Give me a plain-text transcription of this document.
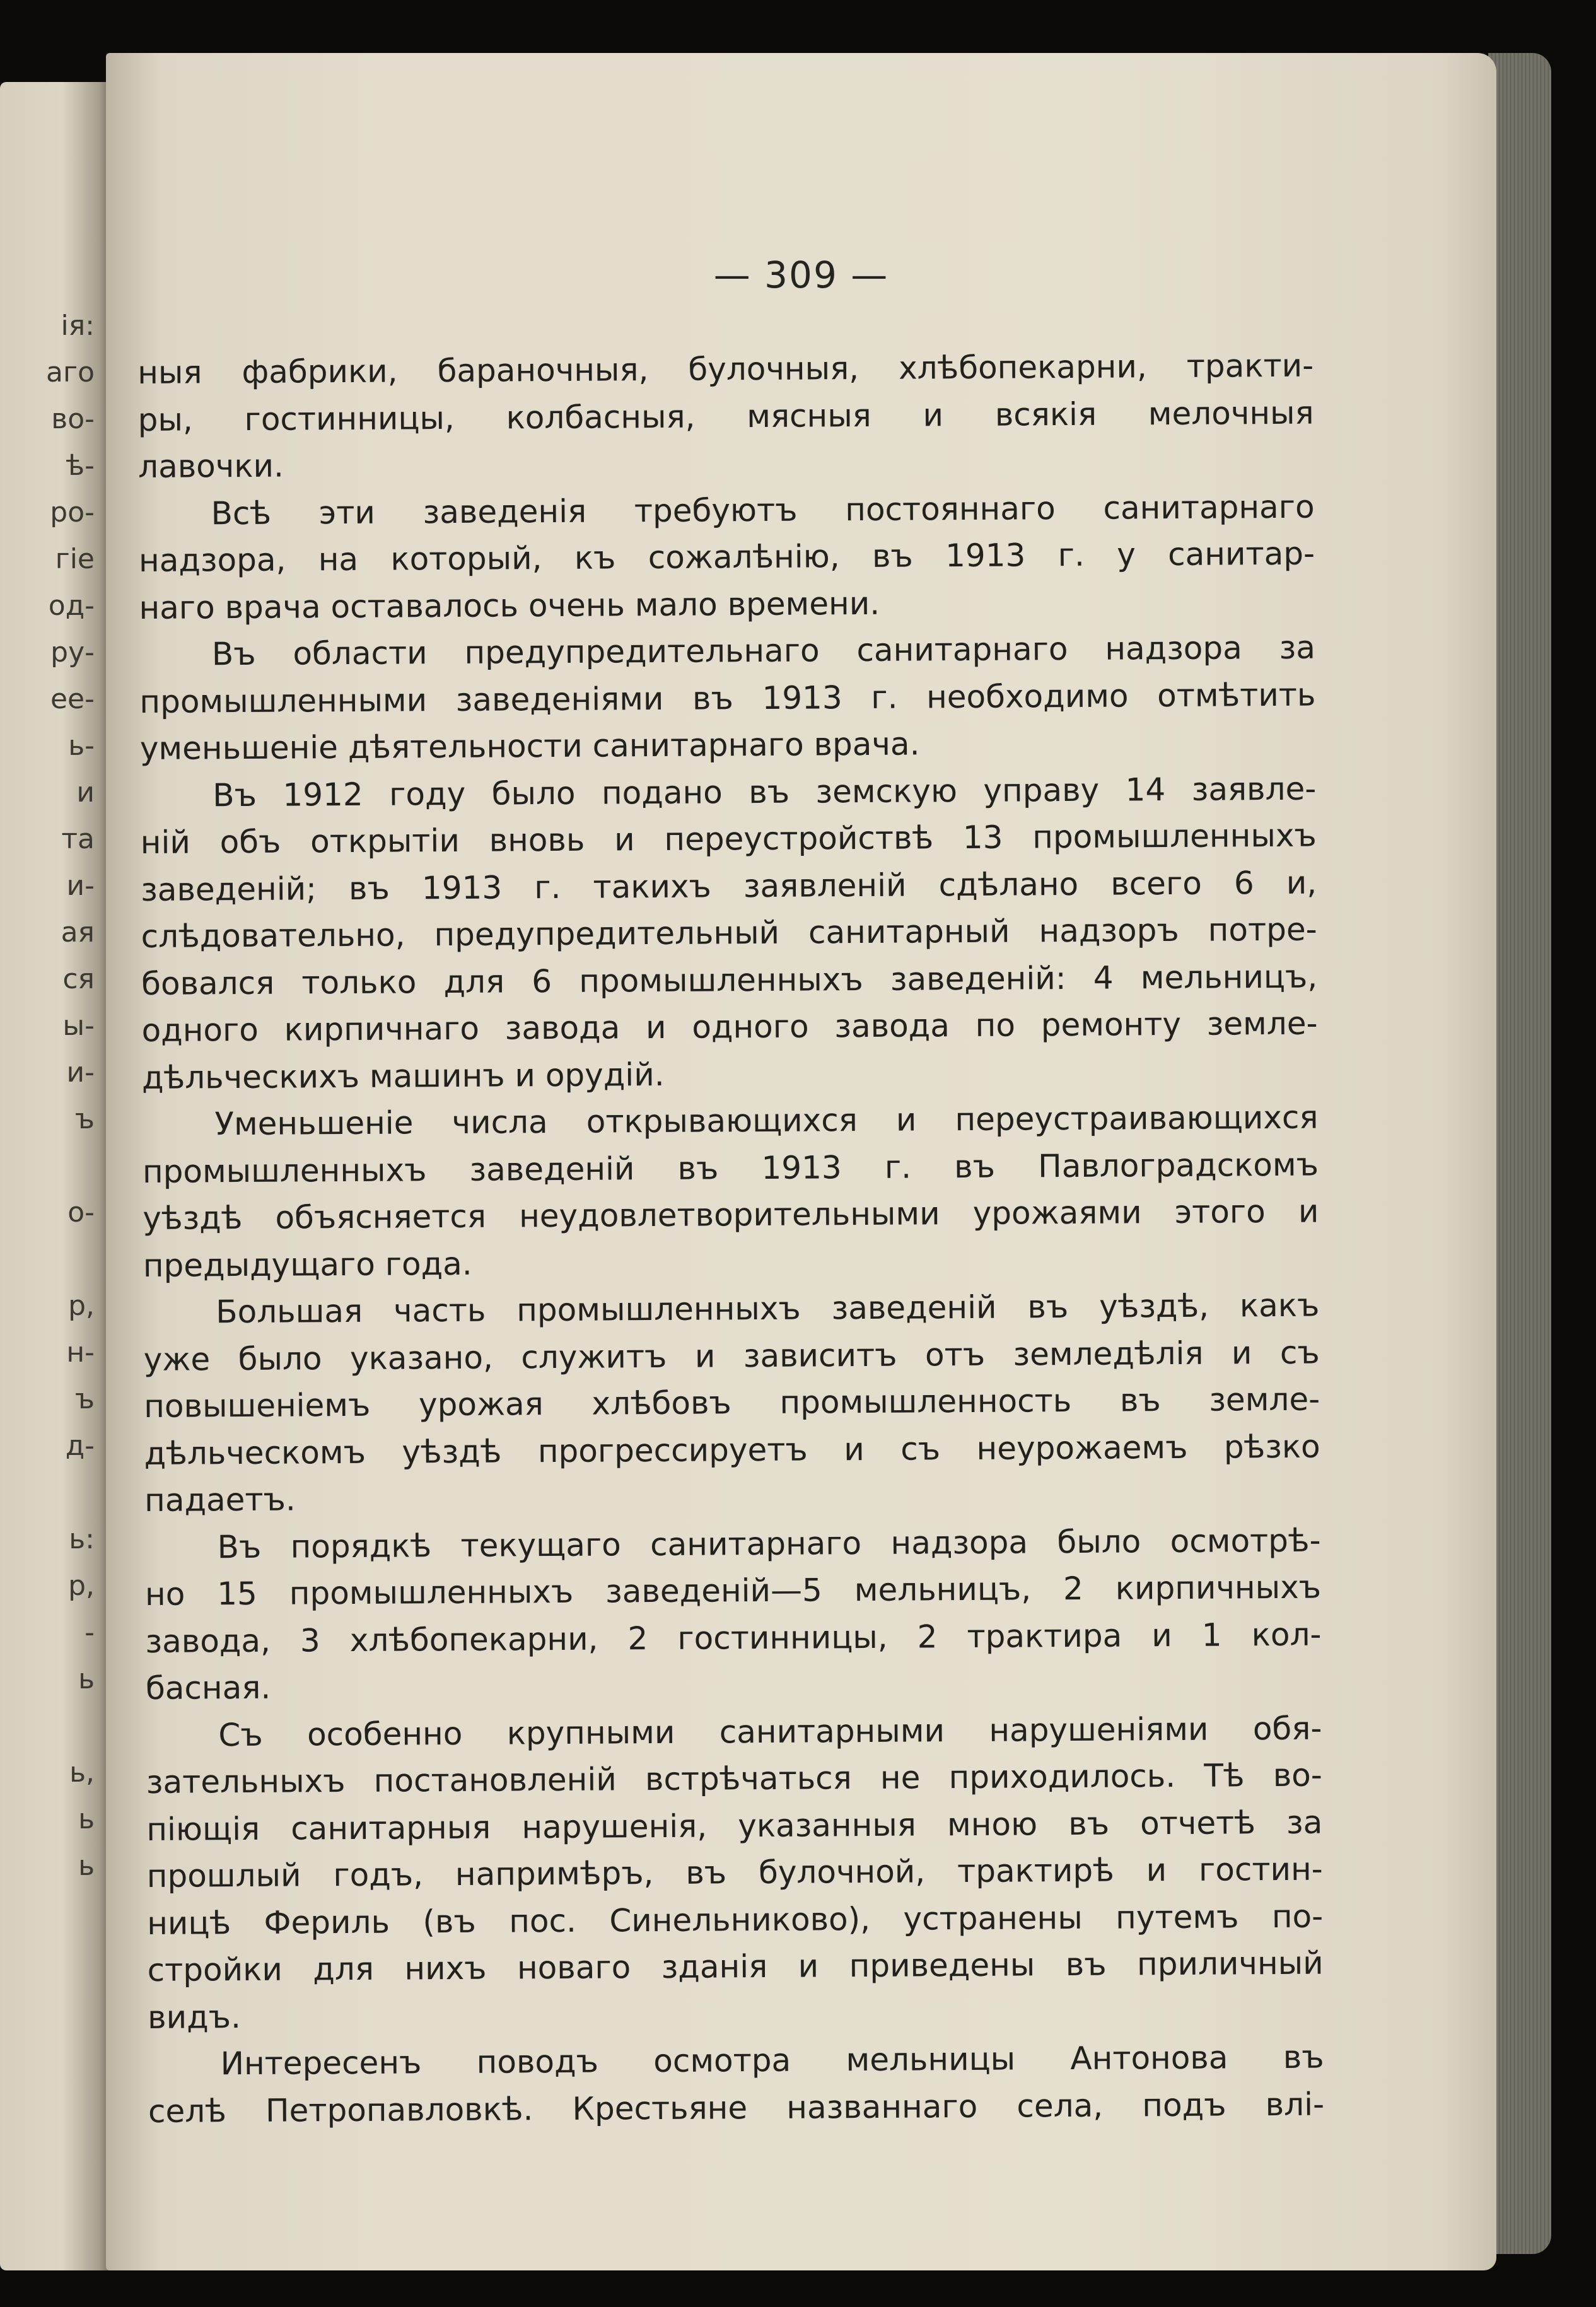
ія:
аго
во-
ѣ-
ро-
гіе
од-
ру-
ее-
ь-
и
та
и-
ая
ся
ы-
и-
ъ
о-
р,
н-
ъ
д-
ь:
р,
-
ь
ь,
ь
ь
— 309 —
ныя фабрики, бараночныя, булочныя, хлѣбопекарни, тракти-
ры, гостинницы, колбасныя, мясныя и всякія мелочныя
лавочки.
Всѣ эти заведенія требуютъ постояннаго санитарнаго
надзора, на который, къ сожалѣнію, въ 1913 г. у санитар-
наго врача оставалось очень мало времени.
Въ области предупредительнаго санитарнаго надзора за
промышленными заведеніями въ 1913 г. необходимо отмѣтить
уменьшеніе дѣятельности санитарнаго врача.
Въ 1912 году было подано въ земскую управу 14 заявле-
ній объ открытіи вновь и переустройствѣ 13 промышленныхъ
заведеній; въ 1913 г. такихъ заявленій сдѣлано всего 6 и,
слѣдовательно, предупредительный санитарный надзоръ потре-
бовался только для 6 промышленныхъ заведеній: 4 мельницъ,
одного кирпичнаго завода и одного завода по ремонту земле-
дѣльческихъ машинъ и орудій.
Уменьшеніе числа открывающихся и переустраивающихся
промышленныхъ заведеній въ 1913 г. въ Павлоградскомъ
уѣздѣ объясняется неудовлетворительными урожаями этого и
предыдущаго года.
Большая часть промышленныхъ заведеній въ уѣздѣ, какъ
уже было указано, служитъ и зависитъ отъ земледѣлія и съ
повышеніемъ урожая хлѣбовъ промышленность въ земле-
дѣльческомъ уѣздѣ прогрессируетъ и съ неурожаемъ рѣзко
падаетъ.
Въ порядкѣ текущаго санитарнаго надзора было осмотрѣ-
но 15 промышленныхъ заведеній—5 мельницъ, 2 кирпичныхъ
завода, 3 хлѣбопекарни, 2 гостинницы, 2 трактира и 1 кол-
басная.
Съ особенно крупными санитарными нарушеніями обя-
зательныхъ постановленій встрѣчаться не приходилось. Тѣ во-
піющія санитарныя нарушенія, указанныя мною въ отчетѣ за
прошлый годъ, напримѣръ, въ булочной, трактирѣ и гостин-
ницѣ Фериль (въ пос. Синельниково), устранены путемъ по-
стройки для нихъ новаго зданія и приведены въ приличный
видъ.
Интересенъ поводъ осмотра мельницы Антонова въ
селѣ Петропавловкѣ. Крестьяне названнаго села, подъ влі-
